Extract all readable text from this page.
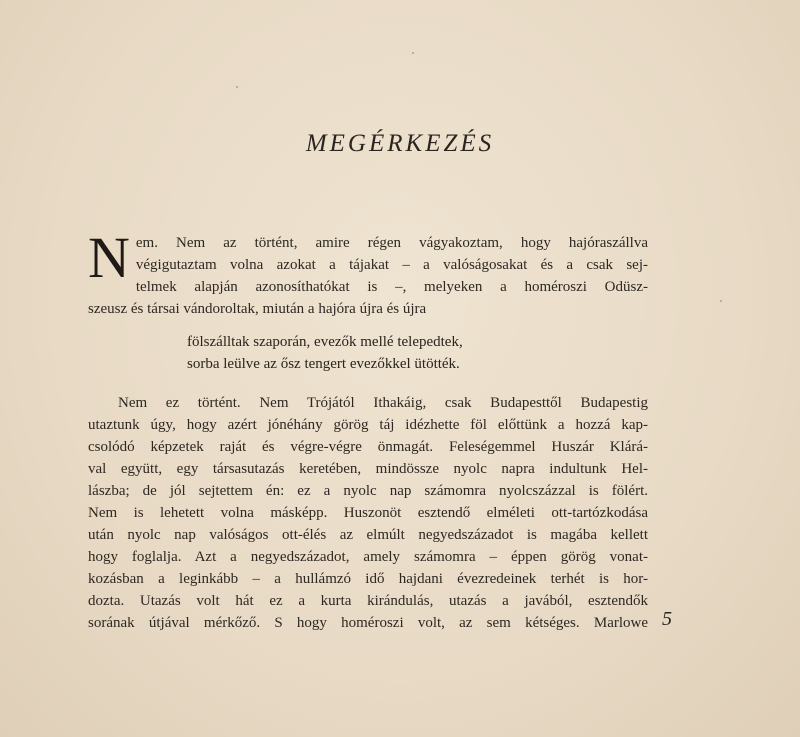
MEGÉRKEZÉS
N em. Nem az történt, amire régen vágyakoztam, hogy hajóraszállva
végigutaztam volna azokat a tájakat – a valóságosakat és a csak sej-
telmek alapján azonosíthatókat is –, melyeken a homéroszi Odüsz-
szeusz és társai vándoroltak, miután a hajóra újra és újra
fölszálltak szaporán, evezők mellé telepedtek,
sorba leülve az ősz tengert evezőkkel ütötték.
Nem ez történt. Nem Trójától Ithakáig, csak Budapesttől Budapestig
utaztunk úgy, hogy azért jónéhány görög táj idézhette föl előttünk a hozzá kap-
csolódó képzetek raját és végre-végre önmagát. Feleségemmel Huszár Klárá-
val együtt, egy társasutazás keretében, mindössze nyolc napra indultunk Hel-
lászba; de jól sejtettem én: ez a nyolc nap számomra nyolcszázzal is fölért.
Nem is lehetett volna másképp. Huszonöt esztendő elméleti ott-tartózkodása
után nyolc nap valóságos ott-élés az elmúlt negyedszázadot is magába kellett
hogy foglalja. Azt a negyedszázadot, amely számomra – éppen görög vonat-
kozásban a leginkább – a hullámzó idő hajdani évezredeinek terhét is hor-
dozta. Utazás volt hát ez a kurta kirándulás, utazás a javából, esztendők
sorának útjával mérkőző. S hogy homéroszi volt, az sem kétséges. Marlowe 5
